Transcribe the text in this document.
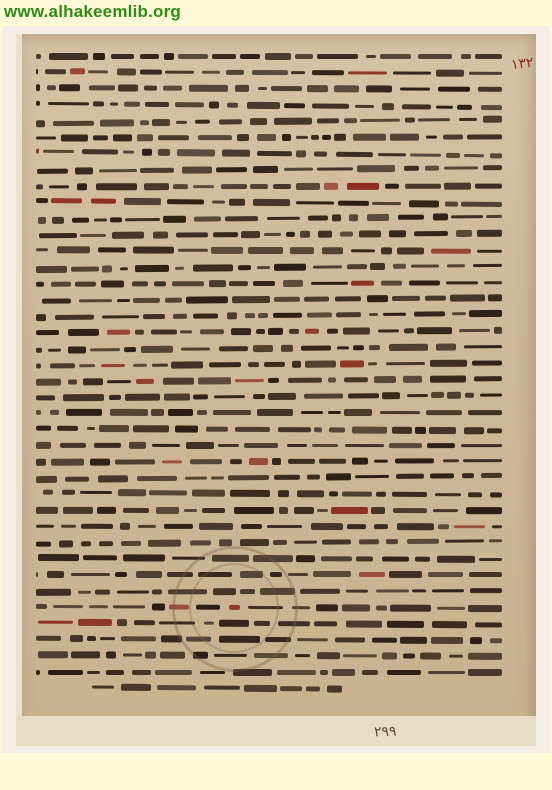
www.alhakeemlib.org
١٣٢
٢٩٩
